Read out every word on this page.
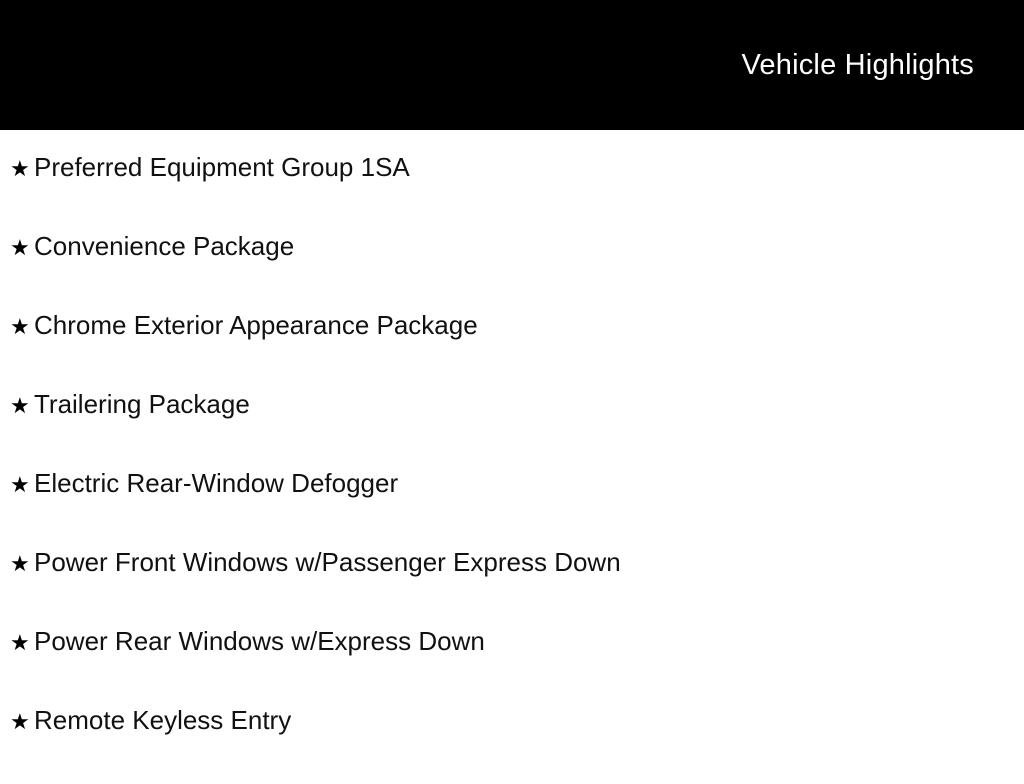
Vehicle Highlights
★ Preferred Equipment Group 1SA
★ Convenience Package
★ Chrome Exterior Appearance Package
★ Trailering Package
★ Electric Rear-Window Defogger
★ Power Front Windows w/Passenger Express Down
★ Power Rear Windows w/Express Down
★ Remote Keyless Entry
